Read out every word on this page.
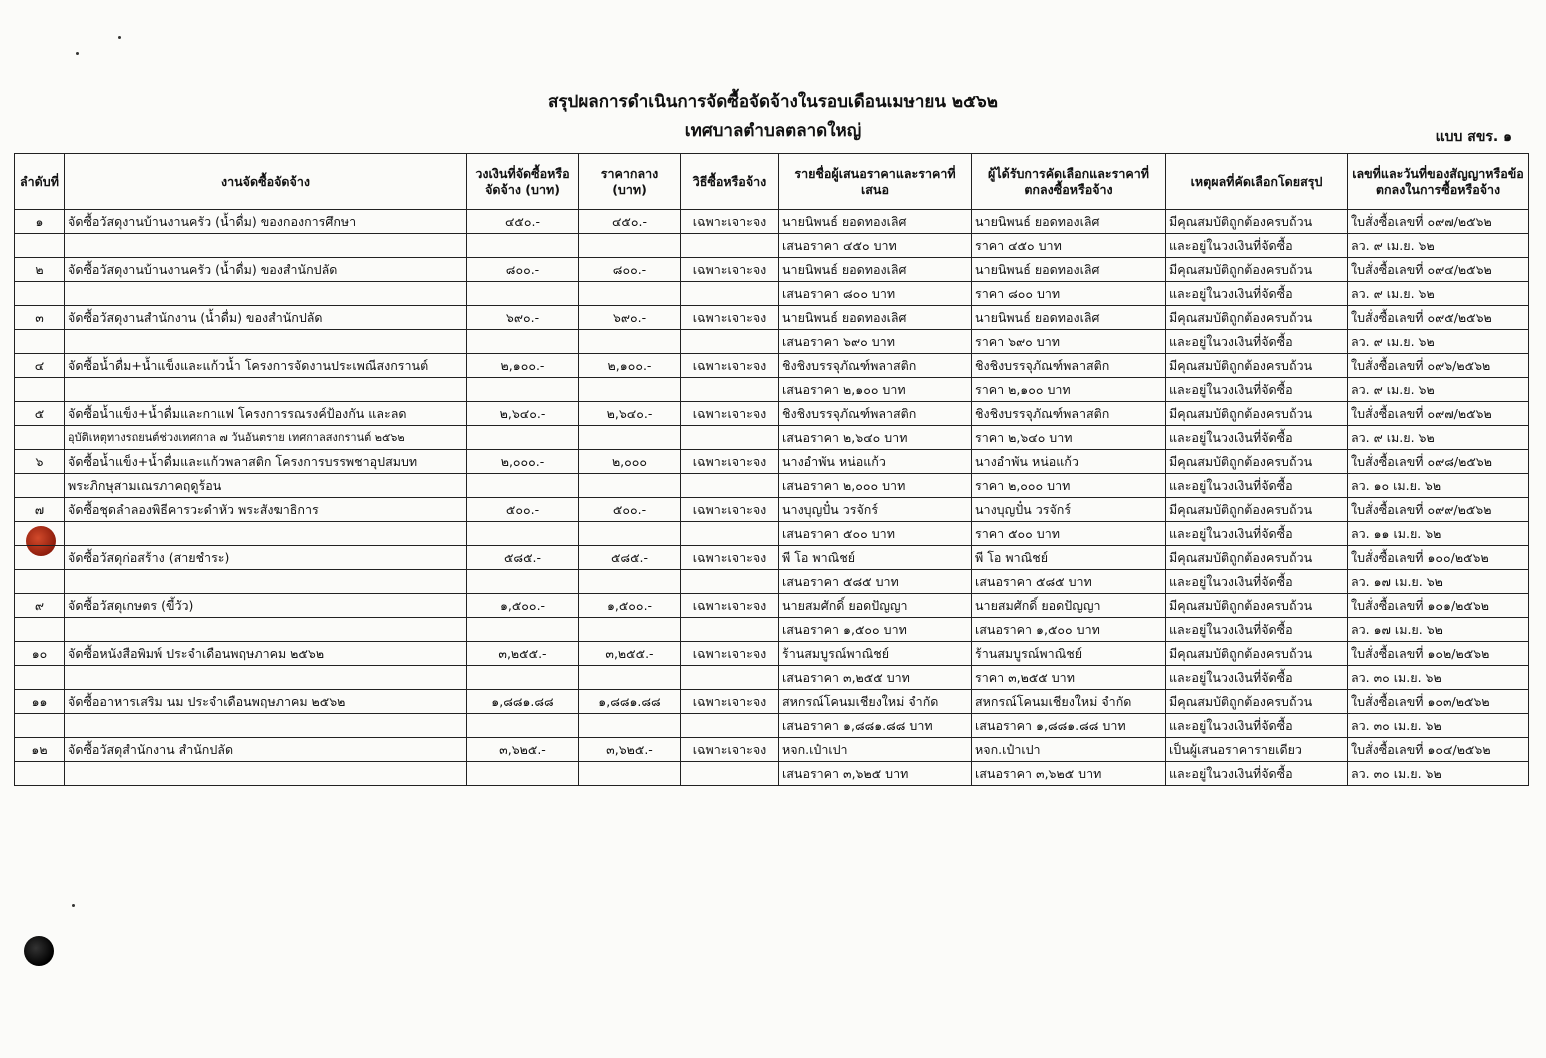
สรุปผลการดำเนินการจัดซื้อจัดจ้างในรอบเดือนเมษายน ๒๕๖๒
เทศบาลตำบลตลาดใหญ่	แบบ สขร. ๑
ลำดับที่	งานจัดซื้อจัดจ้าง	วงเงินที่จัดซื้อหรือจัดจ้าง (บาท)	ราคากลาง (บาท)	วิธีซื้อหรือจ้าง	รายชื่อผู้เสนอราคาและราคาที่เสนอ	ผู้ได้รับการคัดเลือกและราคาที่ตกลงซื้อหรือจ้าง	เหตุผลที่คัดเลือกโดยสรุป	เลขที่และวันที่ของสัญญาหรือข้อตกลงในการซื้อหรือจ้าง
๑	จัดซื้อวัสดุงานบ้านงานครัว (น้ำดื่ม) ของกองการศึกษา	๔๕๐.-	๔๕๐.-	เฉพาะเจาะจง	นายนิพนธ์ ยอดทองเลิศ	นายนิพนธ์ ยอดทองเลิศ	มีคุณสมบัติถูกต้องครบถ้วน	ใบสั่งซื้อเลขที่ ๐๙๗/๒๕๖๒
					เสนอราคา ๔๕๐ บาท	ราคา ๔๕๐ บาท	และอยู่ในวงเงินที่จัดซื้อ	ลว. ๙ เม.ย. ๖๒
๒	จัดซื้อวัสดุงานบ้านงานครัว (น้ำดื่ม) ของสำนักปลัด	๘๐๐.-	๘๐๐.-	เฉพาะเจาะจง	นายนิพนธ์ ยอดทองเลิศ	นายนิพนธ์ ยอดทองเลิศ	มีคุณสมบัติถูกต้องครบถ้วน	ใบสั่งซื้อเลขที่ ๐๙๔/๒๕๖๒
					เสนอราคา ๘๐๐ บาท	ราคา ๘๐๐ บาท	และอยู่ในวงเงินที่จัดซื้อ	ลว. ๙ เม.ย. ๖๒
๓	จัดซื้อวัสดุงานสำนักงาน (น้ำดื่ม) ของสำนักปลัด	๖๙๐.-	๖๙๐.-	เฉพาะเจาะจง	นายนิพนธ์ ยอดทองเลิศ	นายนิพนธ์ ยอดทองเลิศ	มีคุณสมบัติถูกต้องครบถ้วน	ใบสั่งซื้อเลขที่ ๐๙๕/๒๕๖๒
					เสนอราคา ๖๙๐ บาท	ราคา ๖๙๐ บาท	และอยู่ในวงเงินที่จัดซื้อ	ลว. ๙ เม.ย. ๖๒
๔	จัดซื้อน้ำดื่ม+น้ำแข็งและแก้วน้ำ โครงการจัดงานประเพณีสงกรานต์	๒,๑๐๐.-	๒,๑๐๐.-	เฉพาะเจาะจง	ชิงชิงบรรจุภัณฑ์พลาสติก	ชิงชิงบรรจุภัณฑ์พลาสติก	มีคุณสมบัติถูกต้องครบถ้วน	ใบสั่งซื้อเลขที่ ๐๙๖/๒๕๖๒
					เสนอราคา ๒,๑๐๐ บาท	ราคา ๒,๑๐๐ บาท	และอยู่ในวงเงินที่จัดซื้อ	ลว. ๙ เม.ย. ๖๒
๕	จัดซื้อน้ำแข็ง+น้ำดื่มและกาแฟ โครงการรณรงค์ป้องกัน และลด	๒,๖๔๐.-	๒,๖๔๐.-	เฉพาะเจาะจง	ชิงชิงบรรจุภัณฑ์พลาสติก	ชิงชิงบรรจุภัณฑ์พลาสติก	มีคุณสมบัติถูกต้องครบถ้วน	ใบสั่งซื้อเลขที่ ๐๙๗/๒๕๖๒
	อุบัติเหตุทางรถยนต์ช่วงเทศกาล ๗ วันอันตราย เทศกาลสงกรานต์ ๒๕๖๒				เสนอราคา ๒,๖๔๐ บาท	ราคา ๒,๖๔๐ บาท	และอยู่ในวงเงินที่จัดซื้อ	ลว. ๙ เม.ย. ๖๒
๖	จัดซื้อน้ำแข็ง+น้ำดื่มและแก้วพลาสติก โครงการบรรพชาอุปสมบท	๒,๐๐๐.-	๒,๐๐๐	เฉพาะเจาะจง	นางอำพัน หน่อแก้ว	นางอำพัน หน่อแก้ว	มีคุณสมบัติถูกต้องครบถ้วน	ใบสั่งซื้อเลขที่ ๐๙๘/๒๕๖๒
	พระภิกษุสามเณรภาคฤดูร้อน				เสนอราคา ๒,๐๐๐ บาท	ราคา ๒,๐๐๐ บาท	และอยู่ในวงเงินที่จัดซื้อ	ลว. ๑๐ เม.ย. ๖๒
๗	จัดซื้อชุดลำลองพิธีคารวะดำหัว พระสังฆาธิการ	๕๐๐.-	๕๐๐.-	เฉพาะเจาะจง	นางบุญปั๋น วรจักร์	นางบุญปั๋น วรจักร์	มีคุณสมบัติถูกต้องครบถ้วน	ใบสั่งซื้อเลขที่ ๐๙๙/๒๕๖๒
					เสนอราคา ๕๐๐ บาท	ราคา ๕๐๐ บาท	และอยู่ในวงเงินที่จัดซื้อ	ลว. ๑๑ เม.ย. ๖๒
	จัดซื้อวัสดุก่อสร้าง (สายชำระ)	๕๘๕.-	๕๘๕.-	เฉพาะเจาะจง	พี โอ พาณิชย์	พี โอ พาณิชย์	มีคุณสมบัติถูกต้องครบถ้วน	ใบสั่งซื้อเลขที่ ๑๐๐/๒๕๖๒
					เสนอราคา ๕๘๕ บาท	เสนอราคา ๕๘๕ บาท	และอยู่ในวงเงินที่จัดซื้อ	ลว. ๑๗ เม.ย. ๖๒
๙	จัดซื้อวัสดุเกษตร (ขี้วัว)	๑,๕๐๐.-	๑,๕๐๐.-	เฉพาะเจาะจง	นายสมศักดิ์ ยอดปัญญา	นายสมศักดิ์ ยอดปัญญา	มีคุณสมบัติถูกต้องครบถ้วน	ใบสั่งซื้อเลขที่ ๑๐๑/๒๕๖๒
					เสนอราคา ๑,๕๐๐ บาท	เสนอราคา ๑,๕๐๐ บาท	และอยู่ในวงเงินที่จัดซื้อ	ลว. ๑๗ เม.ย. ๖๒
๑๐	จัดซื้อหนังสือพิมพ์ ประจำเดือนพฤษภาคม ๒๕๖๒	๓,๒๕๕.-	๓,๒๕๕.-	เฉพาะเจาะจง	ร้านสมบูรณ์พาณิชย์	ร้านสมบูรณ์พาณิชย์	มีคุณสมบัติถูกต้องครบถ้วน	ใบสั่งซื้อเลขที่ ๑๐๒/๒๕๖๒
					เสนอราคา ๓,๒๕๕ บาท	ราคา ๓,๒๕๕ บาท	และอยู่ในวงเงินที่จัดซื้อ	ลว. ๓๐ เม.ย. ๖๒
๑๑	จัดซื้ออาหารเสริม นม ประจำเดือนพฤษภาคม ๒๕๖๒	๑,๘๘๑.๘๘	๑,๘๘๑.๘๘	เฉพาะเจาะจง	สหกรณ์โคนมเชียงใหม่ จำกัด	สหกรณ์โคนมเชียงใหม่ จำกัด	มีคุณสมบัติถูกต้องครบถ้วน	ใบสั่งซื้อเลขที่ ๑๐๓/๒๕๖๒
					เสนอราคา ๑,๘๘๑.๘๘ บาท	เสนอราคา ๑,๘๘๑.๘๘ บาท	และอยู่ในวงเงินที่จัดซื้อ	ลว. ๓๐ เม.ย. ๖๒
๑๒	จัดซื้อวัสดุสำนักงาน สำนักปลัด	๓,๖๒๕.-	๓,๖๒๕.-	เฉพาะเจาะจง	หจก.เป๋าเปา	หจก.เป๋าเปา	เป็นผู้เสนอราคารายเดียว	ใบสั่งซื้อเลขที่ ๑๐๔/๒๕๖๒
					เสนอราคา ๓,๖๒๕ บาท	เสนอราคา ๓,๖๒๕ บาท	และอยู่ในวงเงินที่จัดซื้อ	ลว. ๓๐ เม.ย. ๖๒
